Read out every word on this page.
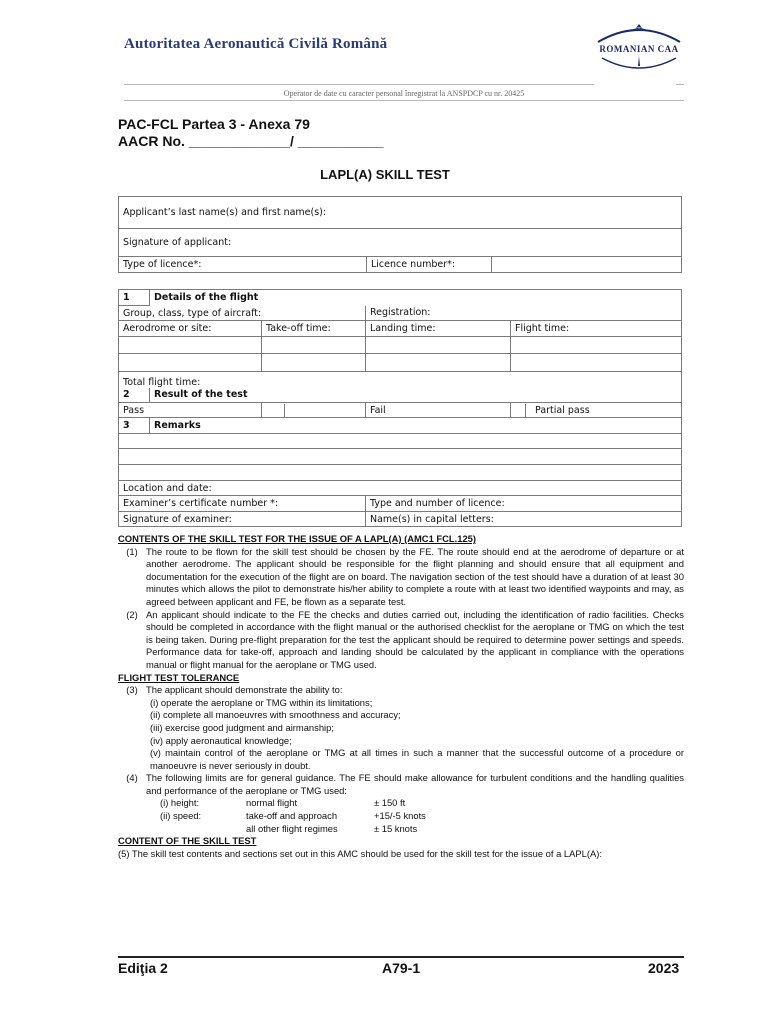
Autoritatea Aeronautică Civilă Română	ROMANIAN CAA
Operator de date cu caracter personal înregistrat la ANSPDCP cu nr. 20425
PAC-FCL Partea 3 - Anexa 79
AACR No. _____________/ ___________
LAPL(A) SKILL TEST
Applicant’s last name(s) and first name(s):
Signature of applicant:
Type of licence*:	Licence number*:	
1	Details of the flight			
Group, class, type of aircraft:			Registration:	
Aerodrome or site:		Take-off time:	Landing time:	Flight time:

Total flight time:				
2	Result of the test			
Pass			Fail	Partial pass
3	Remarks			

Location and date:				
Examiner’s certificate number *:			Type and number of licence:	
Signature of examiner:			Name(s) in capital letters:	
CONTENTS OF THE SKILL TEST FOR THE ISSUE OF A LAPL(A) (AMC1 FCL.125)
(1) The route to be flown for the skill test should be chosen by the FE. The route should end at the aerodrome of departure or at another aerodrome. The applicant should be responsible for the flight planning and should ensure that all equipment and documentation for the execution of the flight are on board. The navigation section of the test should have a duration of at least 30 minutes which allows the pilot to demonstrate his/her ability to complete a route with at least two identified waypoints and may, as agreed between applicant and FE, be flown as a separate test.
(2) An applicant should indicate to the FE the checks and duties carried out, including the identification of radio facilities. Checks should be completed in accordance with the flight manual or the authorised checklist for the aeroplane or TMG on which the test is being taken. During pre-flight preparation for the test the applicant should be required to determine power settings and speeds. Performance data for take-off, approach and landing should be calculated by the applicant in compliance with the operations manual or flight manual for the aeroplane or TMG used.
FLIGHT TEST TOLERANCE
(3) The applicant should demonstrate the ability to:
(i) operate the aeroplane or TMG within its limitations;
(ii) complete all manoeuvres with smoothness and accuracy;
(iii) exercise good judgment and airmanship;
(iv) apply aeronautical knowledge;
(v) maintain control of the aeroplane or TMG at all times in such a manner that the successful outcome of a procedure or manoeuvre is never seriously in doubt.
(4) The following limits are for general guidance. The FE should make allowance for turbulent conditions and the handling qualities and performance of the aeroplane or TMG used:
(i) height:	normal flight	± 150 ft
(ii) speed:	take-off and approach	+15/-5 knots
all other flight regimes	± 15 knots
CONTENT OF THE SKILL TEST
(5) The skill test contents and sections set out in this AMC should be used for the skill test for the issue of a LAPL(A):
Ediţia 2	A79-1	2023
